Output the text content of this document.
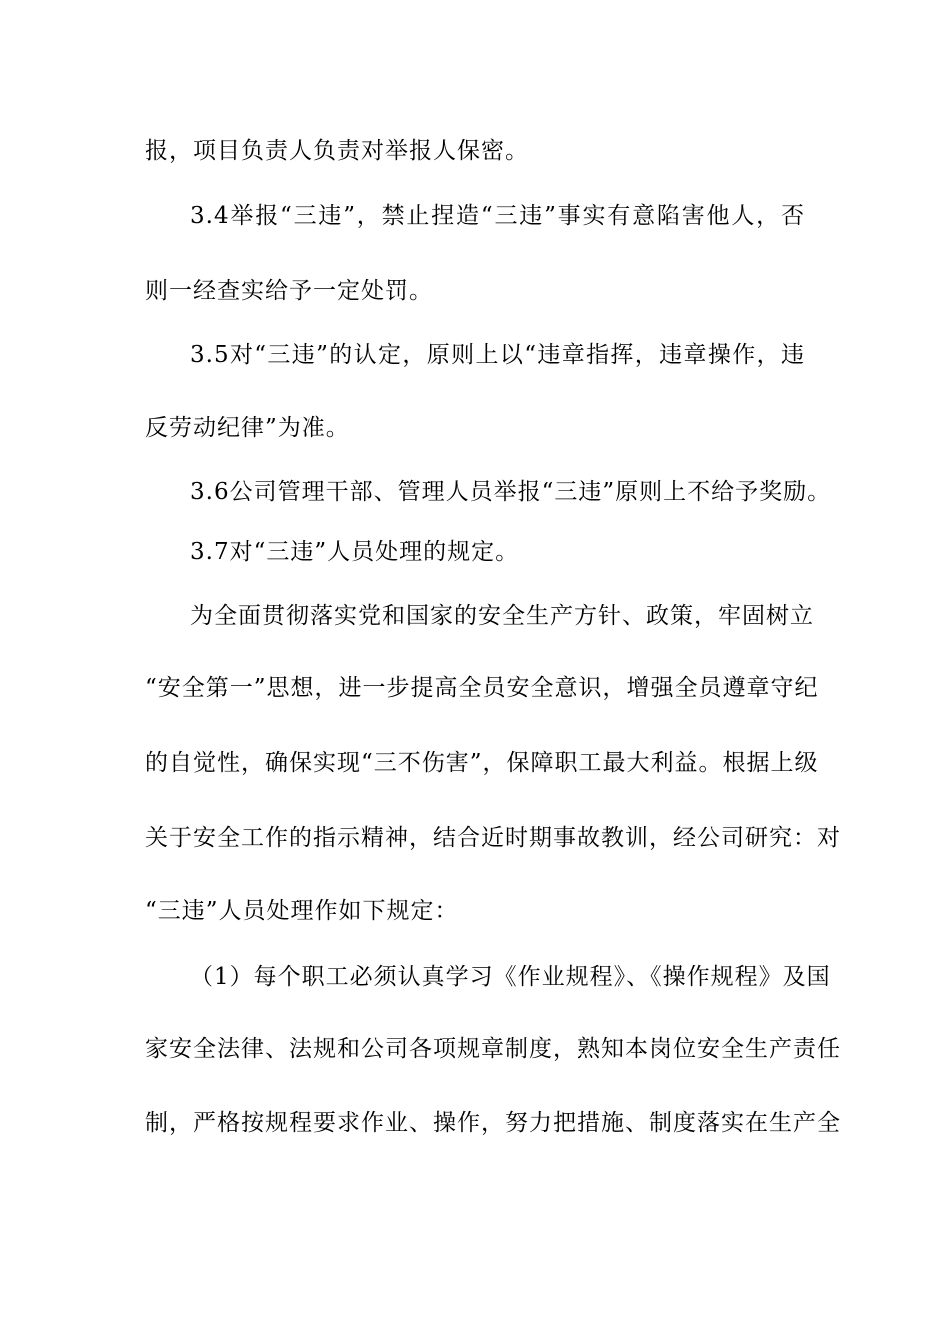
报，项目负责人负责对举报人保密。
3.4举报“三违”，禁止捏造“三违”事实有意陷害他人，否
则一经查实给予一定处罚。
3.5对“三违”的认定，原则上以“违章指挥，违章操作，违
反劳动纪律”为准。
3.6公司管理干部、管理人员举报“三违”原则上不给予奖励。
3.7对“三违”人员处理的规定。
为全面贯彻落实党和国家的安全生产方针、政策，牢固树立
“安全第一”思想，进一步提高全员安全意识，增强全员遵章守纪
的自觉性，确保实现“三不伤害”，保障职工最大利益。根据上级
关于安全工作的指示精神，结合近时期事故教训，经公司研究：对
“三违”人员处理作如下规定：
（1）每个职工必须认真学习《作业规程》、《操作规程》及国
家安全法律、法规和公司各项规章制度，熟知本岗位安全生产责任
制，严格按规程要求作业、操作，努力把措施、制度落实在生产全
